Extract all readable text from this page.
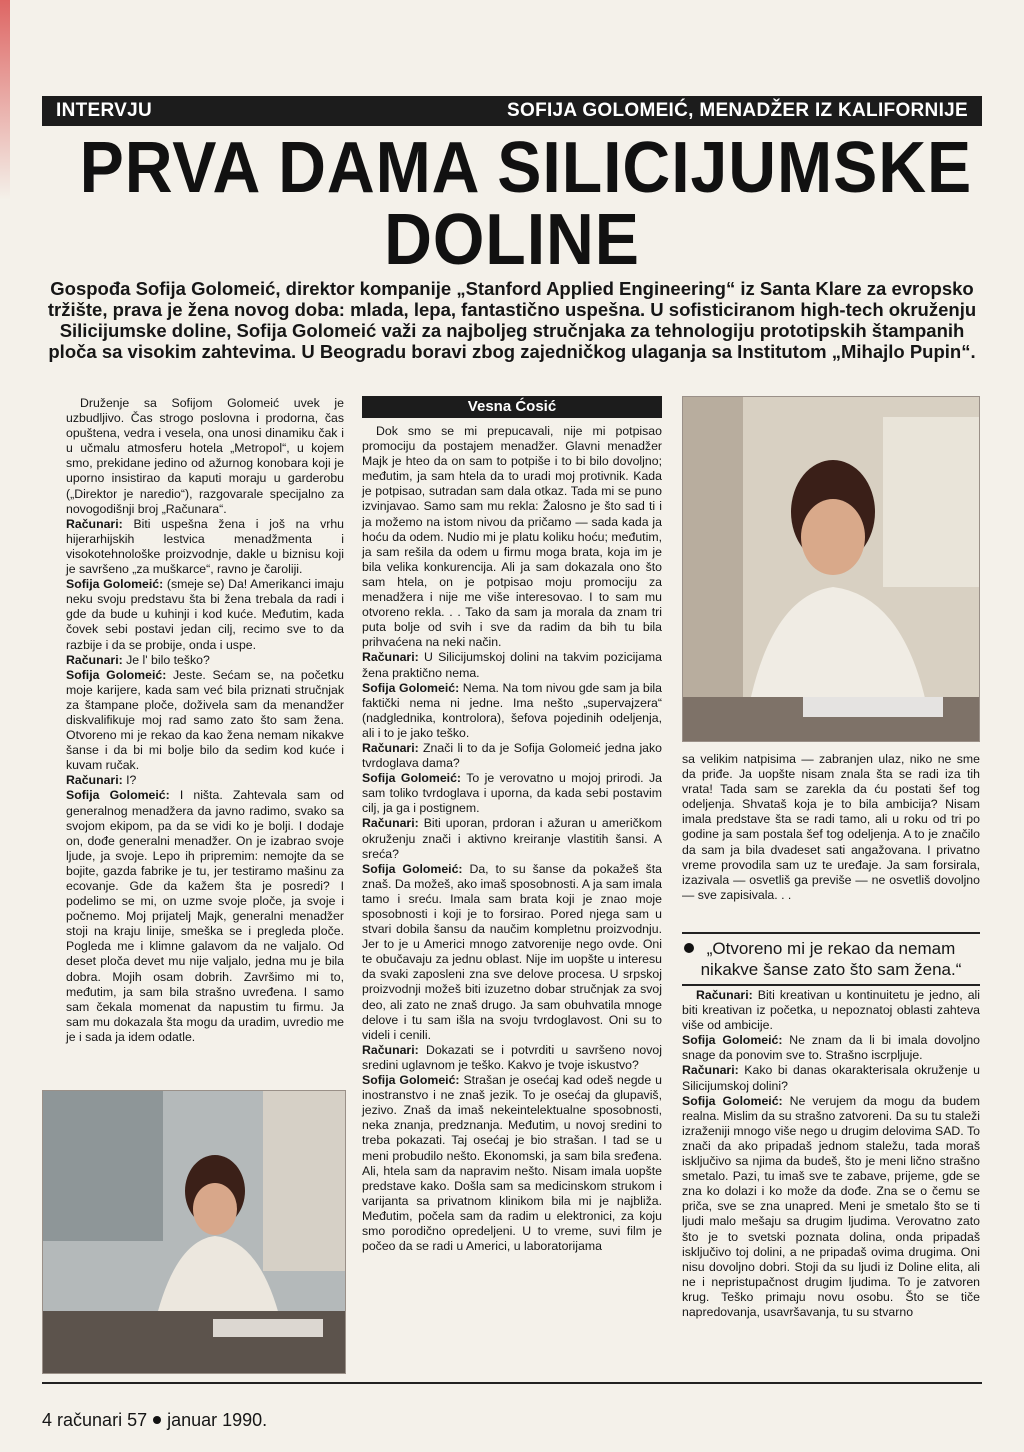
INTERVJU	SOFIJA GOLOMEIĆ, MENADŽER IZ KALIFORNIJE
PRVA DAMA SILICIJUMSKE
DOLINE
Gospođa Sofija Golomeić, direktor kompanije „Stanford Applied Engineering“ iz Santa Klare za evropsko tržište, prava je žena novog doba: mlada, lepa, fantastično uspešna. U sofisticiranom high-tech okruženju Silicijumske doline, Sofija Golomeić važi za najboljeg stručnjaka za tehnologiju prototipskih štampanih ploča sa visokim zahtevima. U Beogradu boravi zbog zajedničkog ulaganja sa Institutom „Mihajlo Pupin“.

Druženje sa Sofijom Golomeić uvek je uzbudljivo. Čas strogo poslovna i prodorna, čas opuštena, vedra i vesela, ona unosi dinamiku čak i u učmalu atmosferu hotela „Metropol“, u kojem smo, prekidane jedino od ažurnog konobara koji je uporno insistirao da kaputi moraju u garderobu („Direktor je naredio“), razgovarale specijalno za novogodišnji broj „Računara“.

Računari: Biti uspešna žena i još na vrhu hijerarhijskih lestvica menadžmenta i visokotehnološke proizvodnje, dakle u biznisu koji je savršeno „za muškarce“, ravno je čaroliji.

Sofija Golomeić: (smeje se) Da! Amerikanci imaju neku svoju predstavu šta bi žena trebala da radi i gde da bude u kuhinji i kod kuće. Međutim, kada čovek sebi postavi jedan cilj, recimo sve to da razbije i da se probije, onda i uspe.

Računari: Je l' bilo teško?

Sofija Golomeić: Jeste. Sećam se, na početku moje karijere, kada sam već bila priznati stručnjak za štampane ploče, doživela sam da menandžer diskvalifikuje moj rad samo zato što sam žena. Otvoreno mi je rekao da kao žena nemam nikakve šanse i da bi mi bolje bilo da sedim kod kuće i kuvam ručak.

Računari: I?

Sofija Golomeić: I ništa. Zahtevala sam od generalnog menadžera da javno radimo, svako sa svojom ekipom, pa da se vidi ko je bolji. I dodaje on, dođe generalni menadžer. On je izabrao svoje ljude, ja svoje. Lepo ih pripremim: nemojte da se bojite, gazda fabrike je tu, jer testiramo mašinu za ecovanje. Gde da kažem šta je posredi? I podelimo se mi, on uzme svoje ploče, ja svoje i počnemo. Moj prijatelj Majk, generalni menadžer stoji na kraju linije, smeška se i pregleda ploče. Pogleda me i klimne galavom da ne valjalo. Od deset ploča devet mu nije valjalo, jedna mu je bila dobra. Mojih osam dobrih. Završimo mi to, međutim, ja sam bila strašno uvređena. I samo sam čekala momenat da napustim tu firmu. Ja sam mu dokazala šta mogu da uradim, uvredio me je i sada ja idem odatle.

Vesna Ćosić

Dok smo se mi prepucavali, nije mi potpisao promociju da postajem menadžer. Glavni menadžer Majk je hteo da on sam to potpiše i to bi bilo dovoljno; međutim, ja sam htela da to uradi moj protivnik. Kada je potpisao, sutradan sam dala otkaz. Tada mi se puno izvinjavao. Samo sam mu rekla: Žalosno je što sad ti i ja možemo na istom nivou da pričamo — sada kada ja hoću da odem. Nudio mi je platu koliku hoću; međutim, ja sam rešila da odem u firmu moga brata, koja im je bila velika konkurencija. Ali ja sam dokazala ono što sam htela, on je potpisao moju promociju za menadžera i nije me više interesovao. I to sam mu otvoreno rekla. . . Tako da sam ja morala da znam tri puta bolje od svih i sve da radim da bih tu bila prihvaćena na neki način.

Računari: U Silicijumskoj dolini na takvim pozicijama žena praktično nema.

Sofija Golomeić: Nema. Na tom nivou gde sam ja bila faktički nema ni jedne. Ima nešto „supervajzera“ (nadglednika, kontrolora), šefova pojedinih odeljenja, ali i to je jako teško.

Računari: Znači li to da je Sofija Golomeić jedna jako tvrdoglava dama?

Sofija Golomeić: To je verovatno u mojoj prirodi. Ja sam toliko tvrdoglava i uporna, da kada sebi postavim cilj, ja ga i postignem.

Računari: Biti uporan, prdoran i ažuran u američkom okruženju znači i aktivno kreiranje vlastitih šansi. A sreća?

Sofija Golomeić: Da, to su šanse da pokažeš šta znaš. Da možeš, ako imaš sposobnosti. A ja sam imala tamo i sreću. Imala sam brata koji je znao moje sposobnosti i koji je to forsirao. Pored njega sam u stvari dobila šansu da naučim kompletnu proizvodnju. Jer to je u Americi mnogo zatvorenije nego ovde. Oni te obučavaju za jednu oblast. Nije im uopšte u interesu da svaki zaposleni zna sve delove procesa. U srpskoj proizvodnji možeš biti izuzetno dobar stručnjak za svoj deo, ali zato ne znaš drugo. Ja sam obuhvatila mnoge delove i tu sam išla na svoju tvrdoglavost. Oni su to videli i cenili.

Računari: Dokazati se i potvrditi u savršeno novoj sredini uglavnom je teško. Kakvo je tvoje iskustvo?

Sofija Golomeić: Strašan je osećaj kad odeš negde u inostranstvo i ne znaš jezik. To je osećaj da glupaviš, jezivo. Znaš da imaš nekeintelektualne sposobnosti, neka znanja, predznanja. Međutim, u novoj sredini to treba pokazati. Taj osećaj je bio strašan. I tad se u meni probudilo nešto. Ekonomski, ja sam bila sređena. Ali, htela sam da napravim nešto. Nisam imala uopšte predstave kako. Došla sam sa medicinskom strukom i varijanta sa privatnom klinikom bila mi je najbliža. Međutim, počela sam da radim u elektronici, za koju smo porodično opredeljeni. U to vreme, suvi film je počeo da se radi u Americi, u laboratorijama

sa velikim natpisima — zabranjen ulaz, niko ne sme da priđe. Ja uopšte nisam znala šta se radi iza tih vrata! Tada sam se zarekla da ću postati šef tog odeljenja. Shvataš koja je to bila ambicija? Nisam imala predstave šta se radi tamo, ali u roku od tri po godine ja sam postala šef tog odeljenja. A to je značilo da sam ja bila dvadeset sati angažovana. I privatno vreme provodila sam uz te uređaje. Ja sam forsirala, izazivala — osvetliš ga previše — ne osvetliš dovoljno — sve zapisivala. . .

„Otvoreno mi je rekao da nemam nikakve šanse zato što sam žena.“

Računari: Biti kreativan u kontinuitetu je jedno, ali biti kreativan iz početka, u nepoznatoj oblasti zahteva više od ambicije.

Sofija Golomeić: Ne znam da li bi imala dovoljno snage da ponovim sve to. Strašno iscrpljuje.

Računari: Kako bi danas okarakterisala okruženje u Silicijumskoj dolini?

Sofija Golomeić: Ne verujem da mogu da budem realna. Mislim da su strašno zatvoreni. Da su tu staleži izraženiji mnogo više nego u drugim delovima SAD. To znači da ako pripadaš jednom staležu, tada moraš isključivo sa njima da budeš, što je meni lično strašno smetalo. Pazi, tu imaš sve te zabave, prijeme, gde se zna ko dolazi i ko može da dođe. Zna se o čemu se priča, sve se zna unapred. Meni je smetalo što se ti ljudi malo mešaju sa drugim ljudima. Verovatno zato što je to svetski poznata dolina, onda pripadaš isključivo toj dolini, a ne pripadaš ovima drugima. Oni nisu dovoljno dobri. Stoji da su ljudi iz Doline elita, ali ne i nepristupačnost drugim ljudima. To je zatvoren krug. Teško primaju novu osobu. Što se tiče napredovanja, usavršavanja, tu su stvarno

4 računari 57 januar 1990.
